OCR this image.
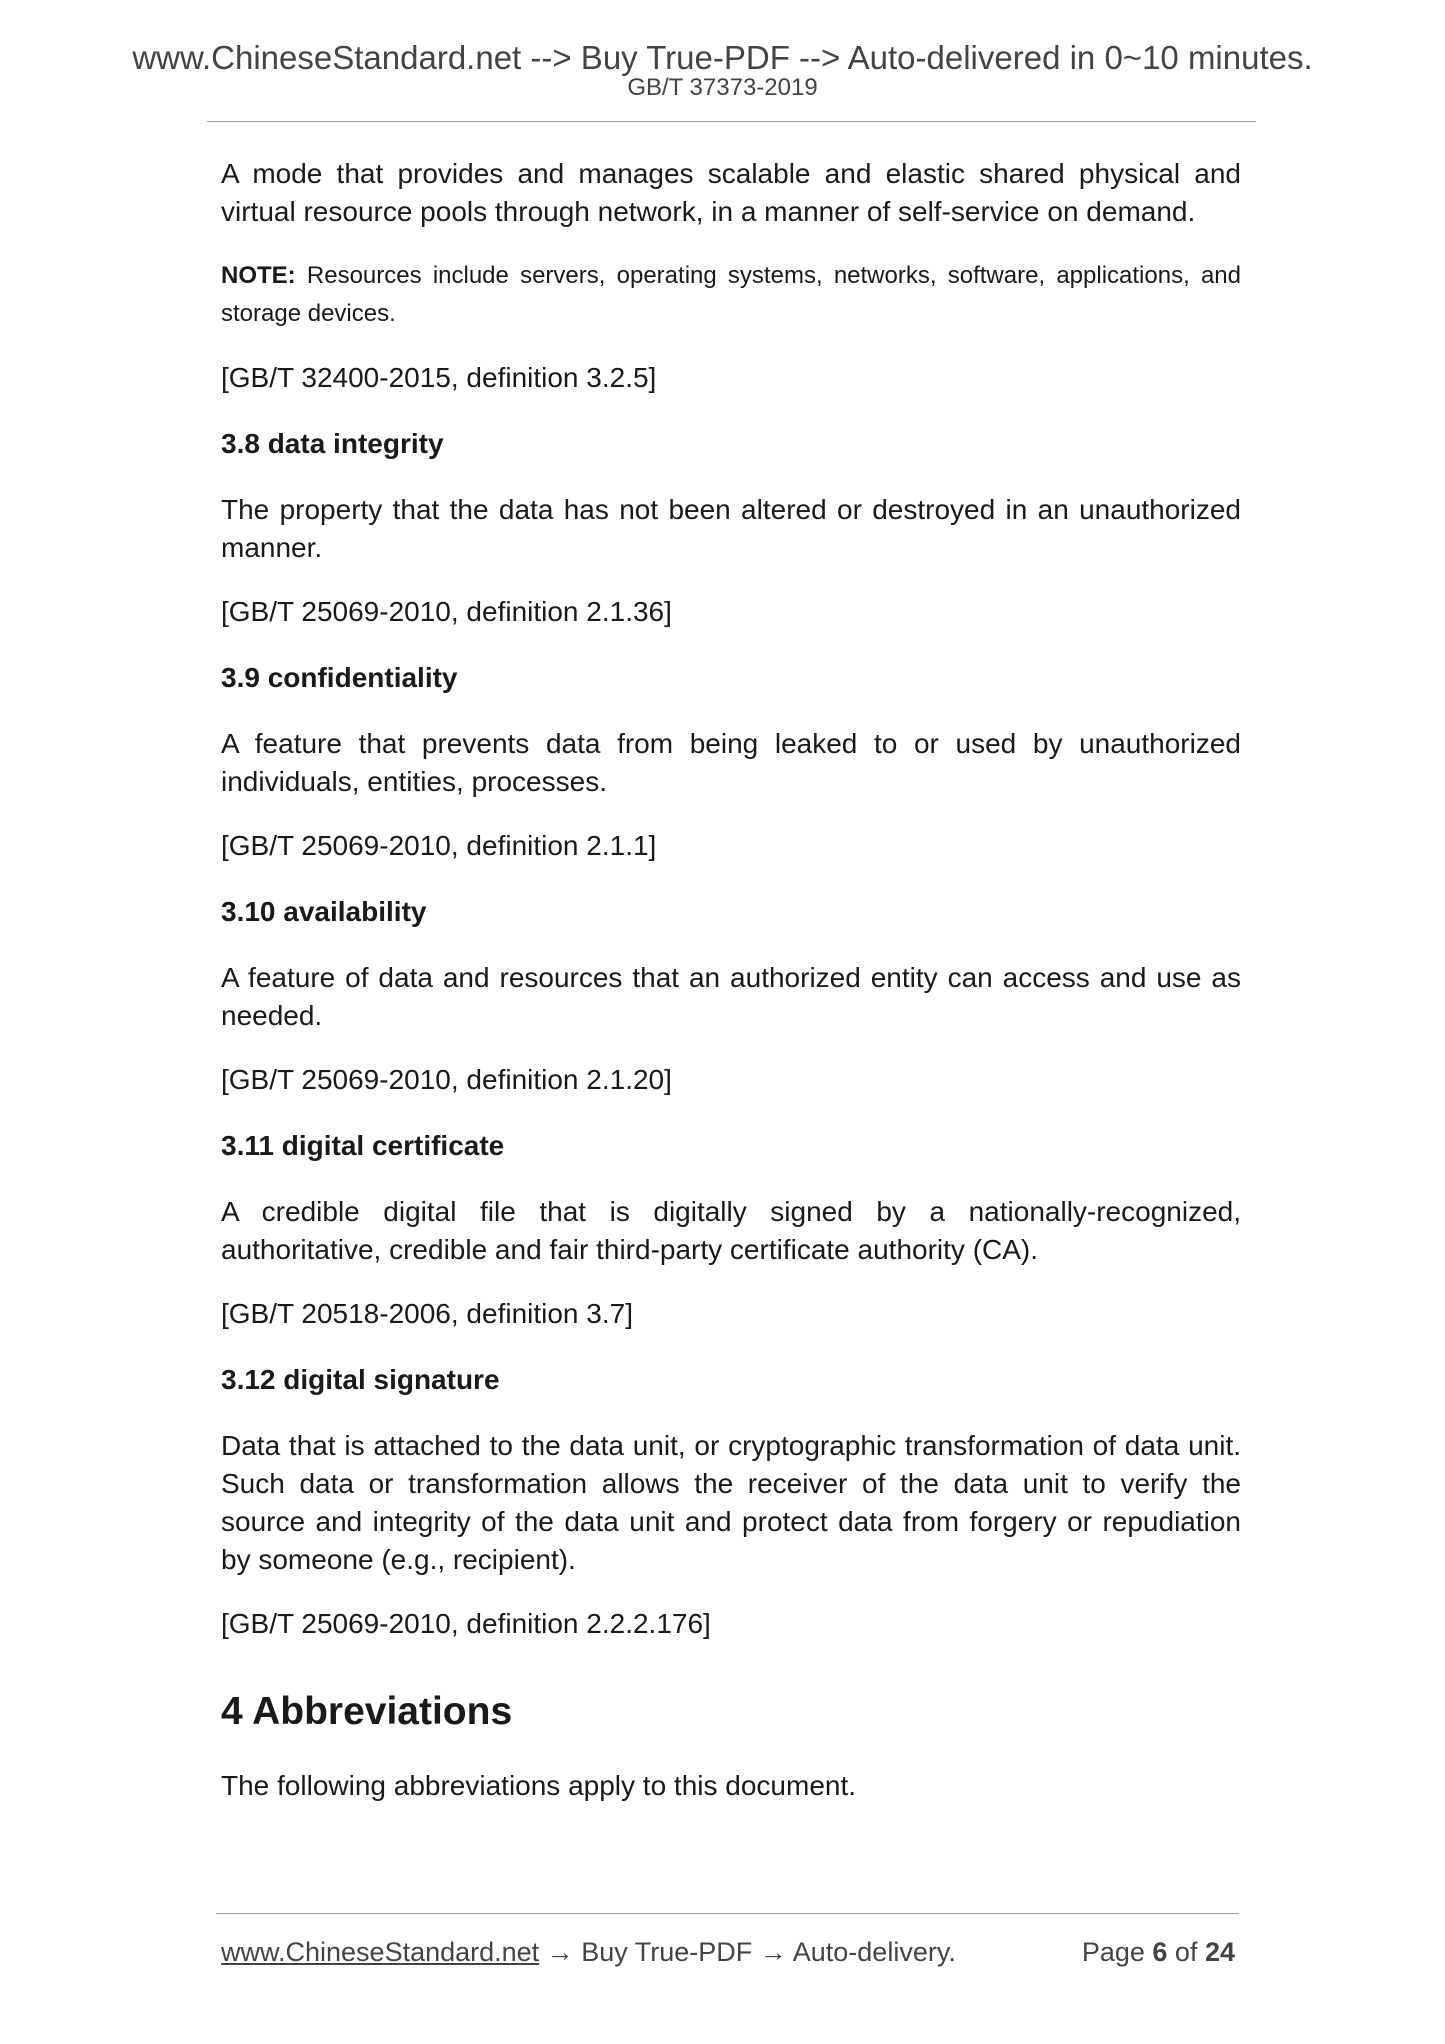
www.ChineseStandard.net --> Buy True-PDF --> Auto-delivered in 0~10 minutes.
GB/T 37373-2019

A mode that provides and manages scalable and elastic shared physical and virtual resource pools through network, in a manner of self-service on demand.

NOTE: Resources include servers, operating systems, networks, software, applications, and storage devices.

[GB/T 32400-2015, definition 3.2.5]

3.8 data integrity

The property that the data has not been altered or destroyed in an unauthorized manner.

[GB/T 25069-2010, definition 2.1.36]

3.9 confidentiality

A feature that prevents data from being leaked to or used by unauthorized individuals, entities, processes.

[GB/T 25069-2010, definition 2.1.1]

3.10 availability

A feature of data and resources that an authorized entity can access and use as needed.

[GB/T 25069-2010, definition 2.1.20]

3.11 digital certificate

A credible digital file that is digitally signed by a nationally-recognized, authoritative, credible and fair third-party certificate authority (CA).

[GB/T 20518-2006, definition 3.7]

3.12 digital signature

Data that is attached to the data unit, or cryptographic transformation of data unit. Such data or transformation allows the receiver of the data unit to verify the source and integrity of the data unit and protect data from forgery or repudiation by someone (e.g., recipient).

[GB/T 25069-2010, definition 2.2.2.176]

4 Abbreviations

The following abbreviations apply to this document.

www.ChineseStandard.net → Buy True-PDF → Auto-delivery.	Page 6 of 24
